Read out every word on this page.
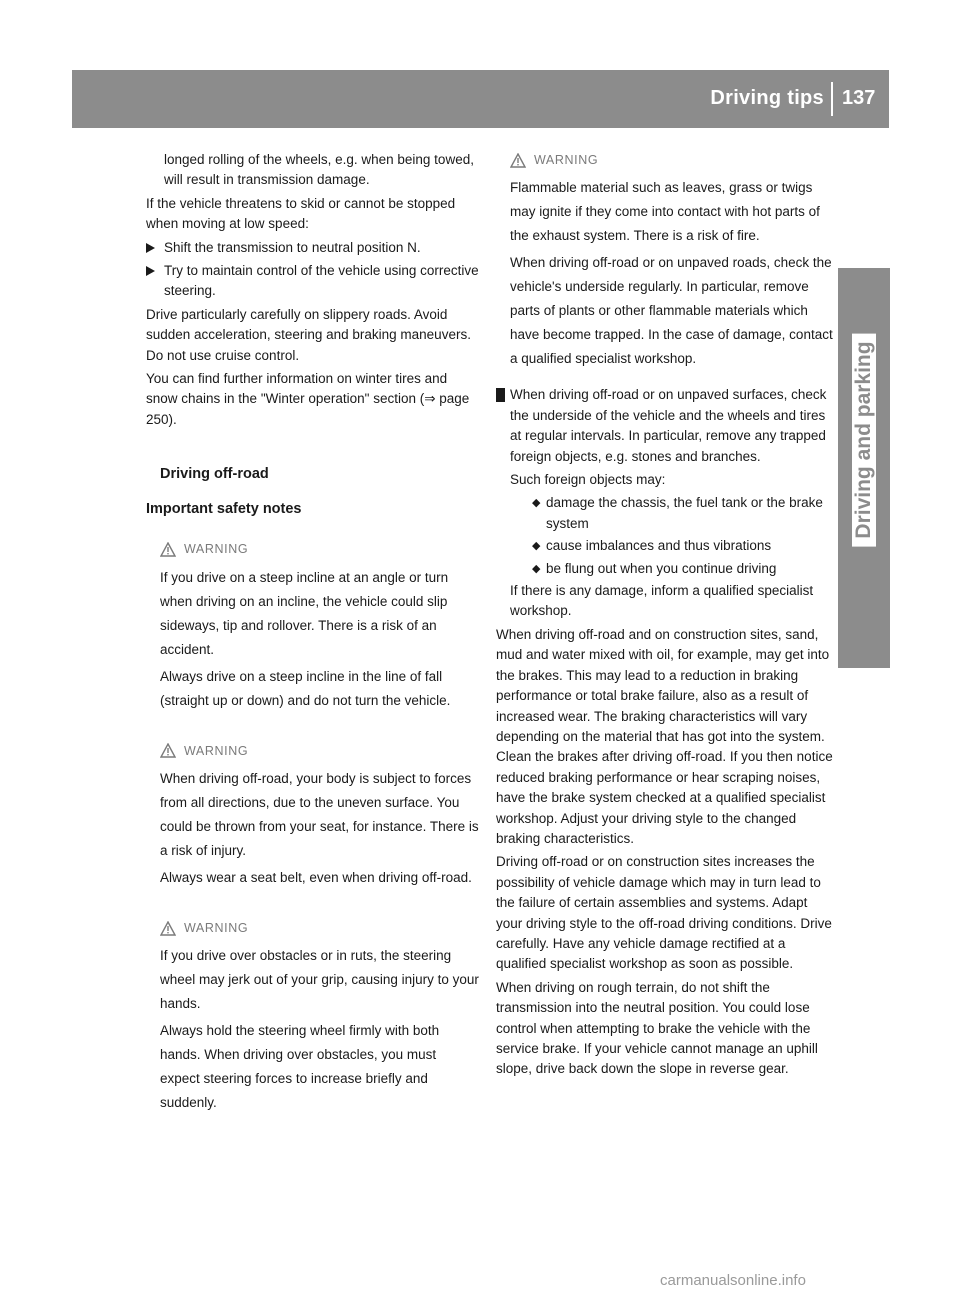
Driving tips 137
Driving and parking

longed rolling of the wheels, e.g. when being towed, will result in transmission damage.

If the vehicle threatens to skid or cannot be stopped when moving at low speed:

Shift the transmission to neutral position N.
Try to maintain control of the vehicle using corrective steering.

Drive particularly carefully on slippery roads. Avoid sudden acceleration, steering and braking maneuvers. Do not use cruise control.

You can find further information on winter tires and snow chains in the "Winter operation" section (⇒ page 250).

Driving off-road
Important safety notes
WARNING

If you drive on a steep incline at an angle or turn when driving on an incline, the vehicle could slip sideways, tip and rollover. There is a risk of an accident.

Always drive on a steep incline in the line of fall (straight up or down) and do not turn the vehicle.

WARNING

When driving off-road, your body is subject to forces from all directions, due to the uneven surface. You could be thrown from your seat, for instance. There is a risk of injury.

Always wear a seat belt, even when driving off-road.

WARNING

If you drive over obstacles or in ruts, the steering wheel may jerk out of your grip, causing injury to your hands.

Always hold the steering wheel firmly with both hands. When driving over obstacles, you must expect steering forces to increase briefly and suddenly.

WARNING

Flammable material such as leaves, grass or twigs may ignite if they come into contact with hot parts of the exhaust system. There is a risk of fire.

When driving off-road or on unpaved roads, check the vehicle's underside regularly. In particular, remove parts of plants or other flammable materials which have become trapped. In the case of damage, contact a qualified specialist workshop.

When driving off-road or on unpaved surfaces, check the underside of the vehicle and the wheels and tires at regular intervals. In particular, remove any trapped foreign objects, e.g. stones and branches.

Such foreign objects may:

◆ damage the chassis, the fuel tank or the brake system
◆ cause imbalances and thus vibrations
◆ be flung out when you continue driving

If there is any damage, inform a qualified specialist workshop.

When driving off-road and on construction sites, sand, mud and water mixed with oil, for example, may get into the brakes. This may lead to a reduction in braking performance or total brake failure, also as a result of increased wear. The braking characteristics will vary depending on the material that has got into the system. Clean the brakes after driving off-road. If you then notice reduced braking performance or hear scraping noises, have the brake system checked at a qualified specialist workshop. Adjust your driving style to the changed braking characteristics.

Driving off-road or on construction sites increases the possibility of vehicle damage which may in turn lead to the failure of certain assemblies and systems. Adapt your driving style to the off-road driving conditions. Drive carefully. Have any vehicle damage rectified at a qualified specialist workshop as soon as possible.

When driving on rough terrain, do not shift the transmission into the neutral position. You could lose control when attempting to brake the vehicle with the service brake. If your vehicle cannot manage an uphill slope, drive back down the slope in reverse gear.

carmanualsonline.info
